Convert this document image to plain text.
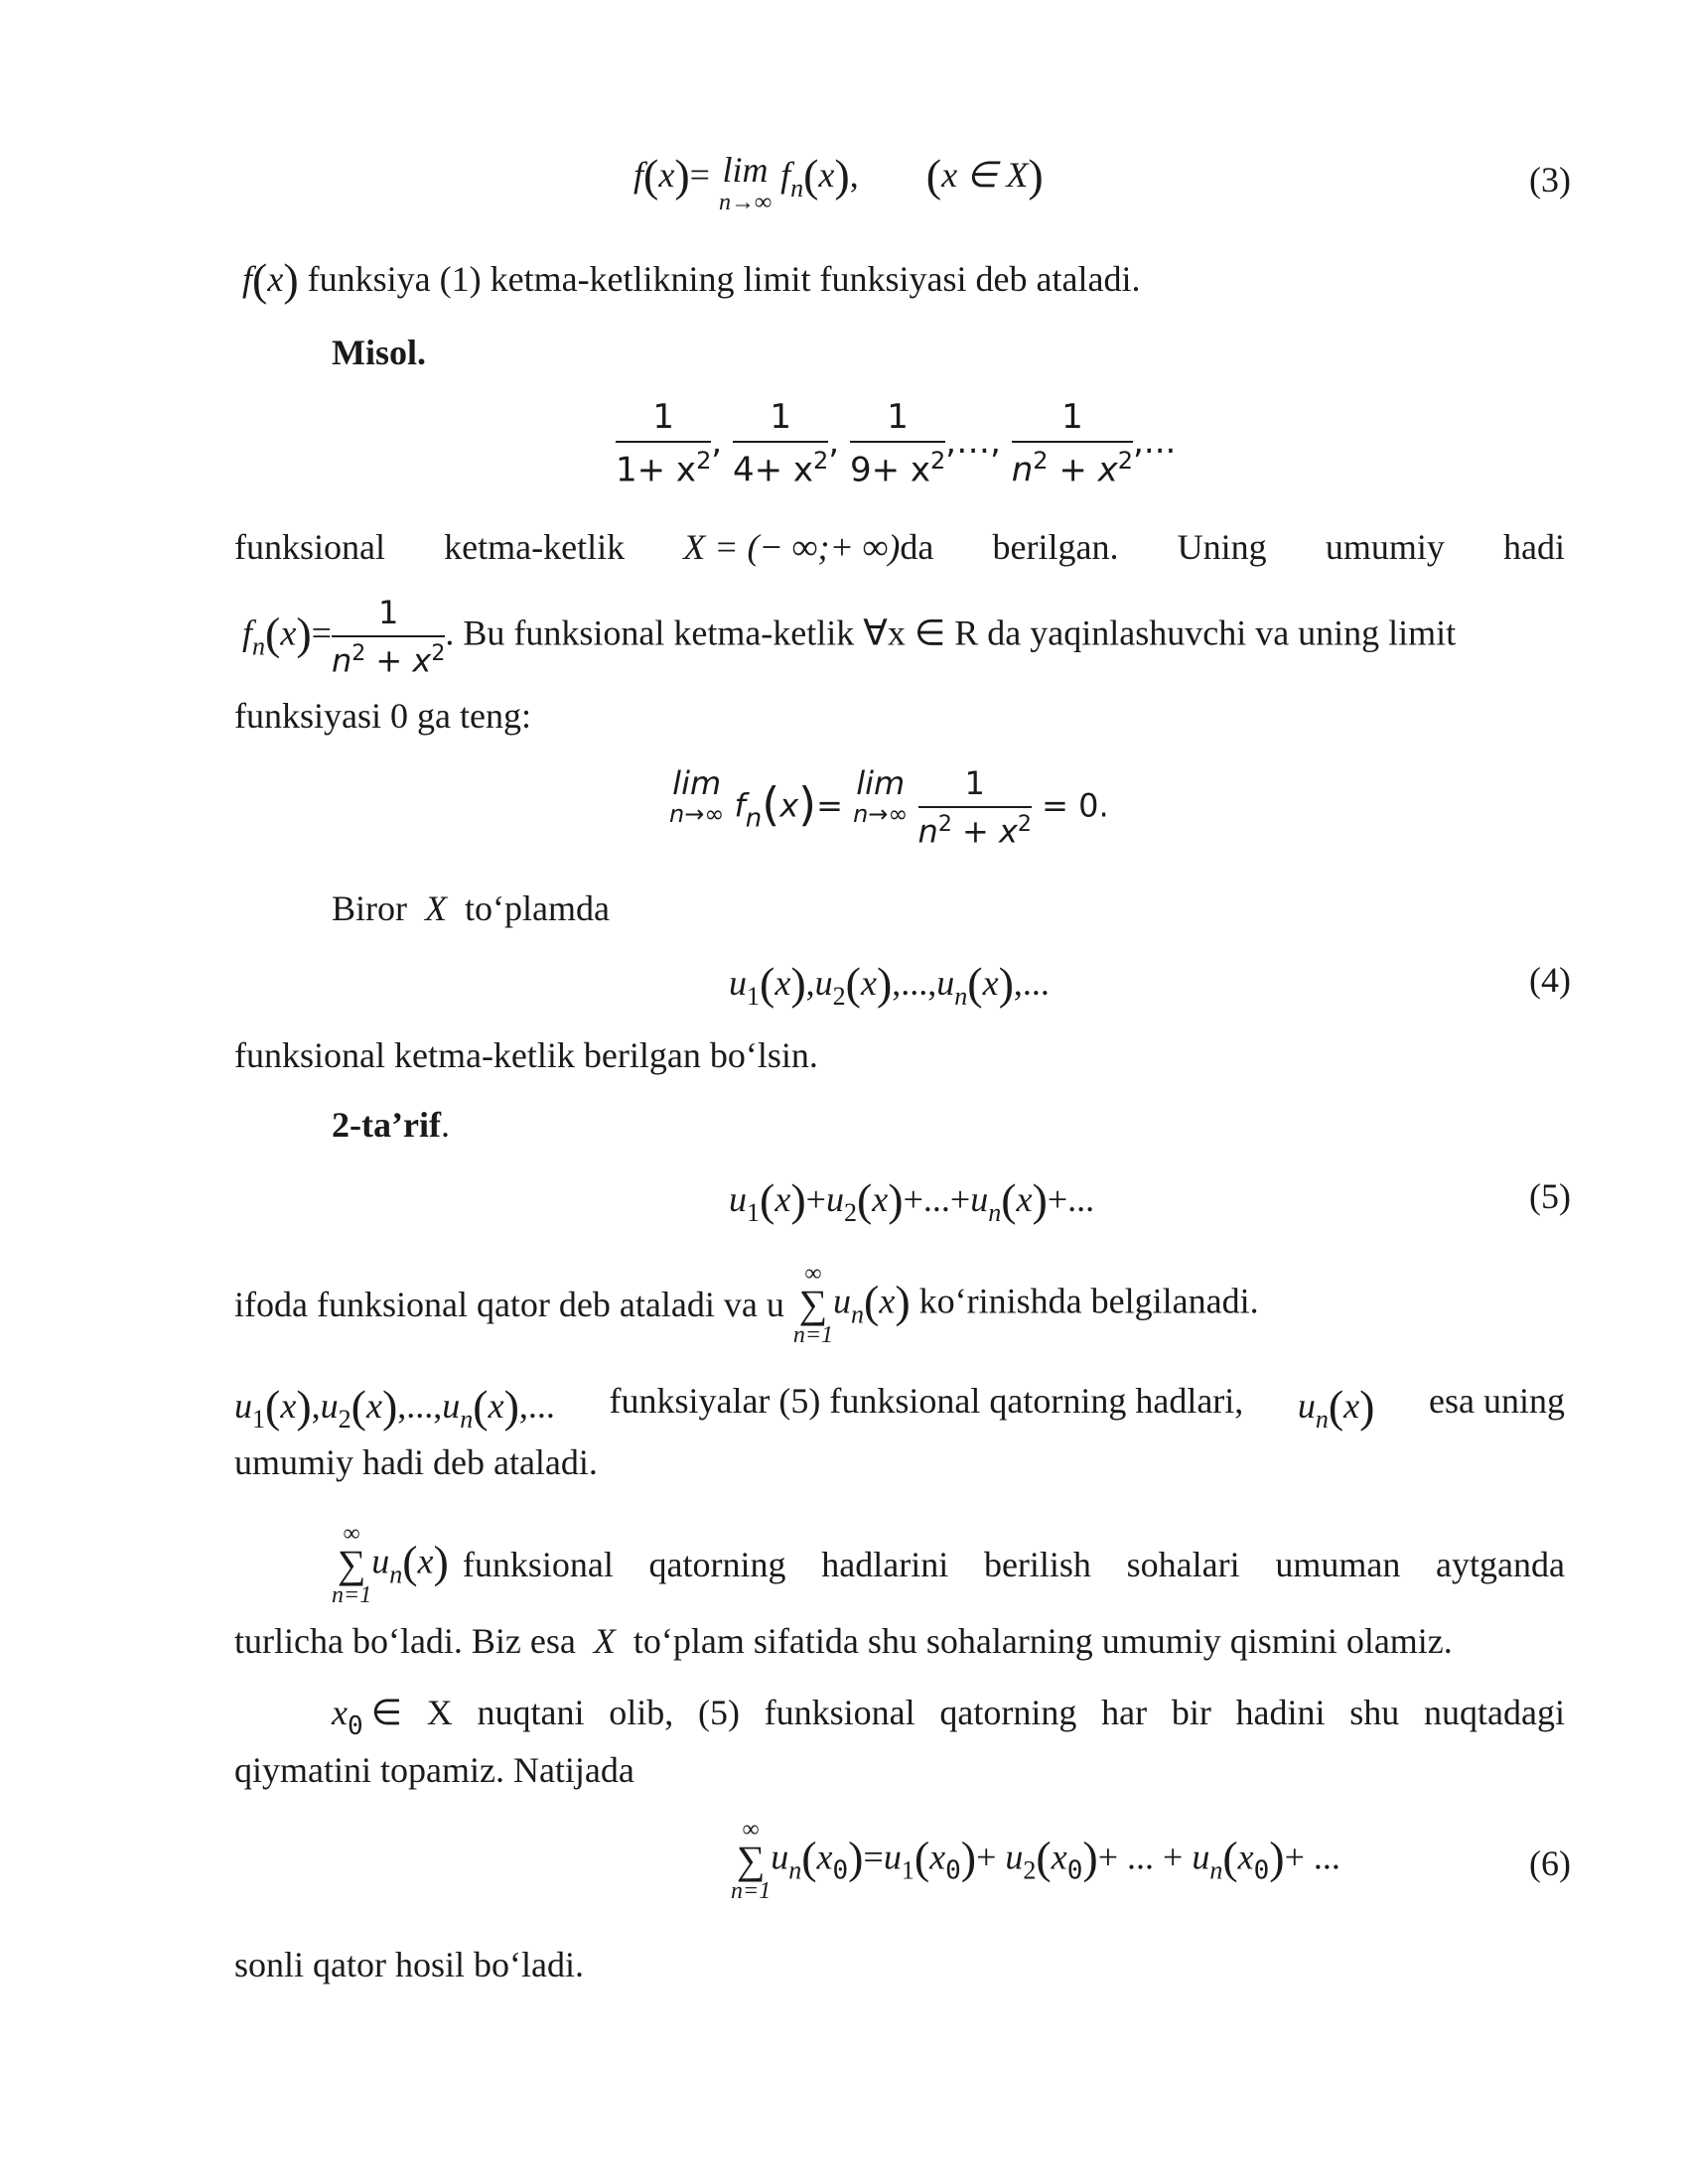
f(x)= lim
n→∞
$f_n(x)$, (x ∈ X)	(3)
f(x) funksiya (1) ketma-ketlikning limit funksiyasi deb ataladi.
Misol.
$\frac{1}{1+ x^2}$ , $\frac{1}{4+ x^2}$ , $\frac{1}{9+ x^2}$ ,…, $\frac{1}{n^2 + x^2}$ ,...
funksional ketma-ketlik X = (− ∞;+ ∞)da berilgan. Uning umumiy hadi
$f_n(x)= \frac{1}{n^2 + x^2}$ . Bu funksional ketma-ketlik ∀x ∈ R da yaqinlashuvchi va uning limit
funksiyasi 0 ga teng:
lim
n→∞ $f_n(x)= \lim$
n→∞
$\frac{1}{n^2 + x^2} = 0$.
Biror X to‘plamda
$u_1(x),u_2(x),...,u_n(x)$,...	(4)
funksional ketma-ketlik berilgan bo‘lsin.
2-ta’rif.
$u_1(x)+u_2(x)+...+u_n(x)+$...	(5)
ifoda funksional qator deb ataladi va u
∞
∑
n=1
$u_n(x)$ ko‘rinishda belgilanadi.
$u_1(x),u_2(x),...,u_n(x)$,... funksiyalar (5) funksional qatorning hadlari, $u_n(x)$ esa uning
umumiy hadi deb ataladi.
∞
∑
n=1
$u_n(x)$ funksional qatorning hadlarini berilish sohalari umuman aytganda
turlicha bo‘ladi. Biz esa X to‘plam sifatida shu sohalarning umumiy qismini olamiz.
$x_0$ ∈ X nuqtani olib, (5) funksional qatorning har bir hadini shu nuqtadagi
qiymatini topamiz. Natijada
∞
∑
n=1
$u_n(x_0)=u_1(x_0)+ u_2(x_0)+$ ... + $u_n(x_0)+$ ...	(6)
sonli qator hosil bo‘ladi.
